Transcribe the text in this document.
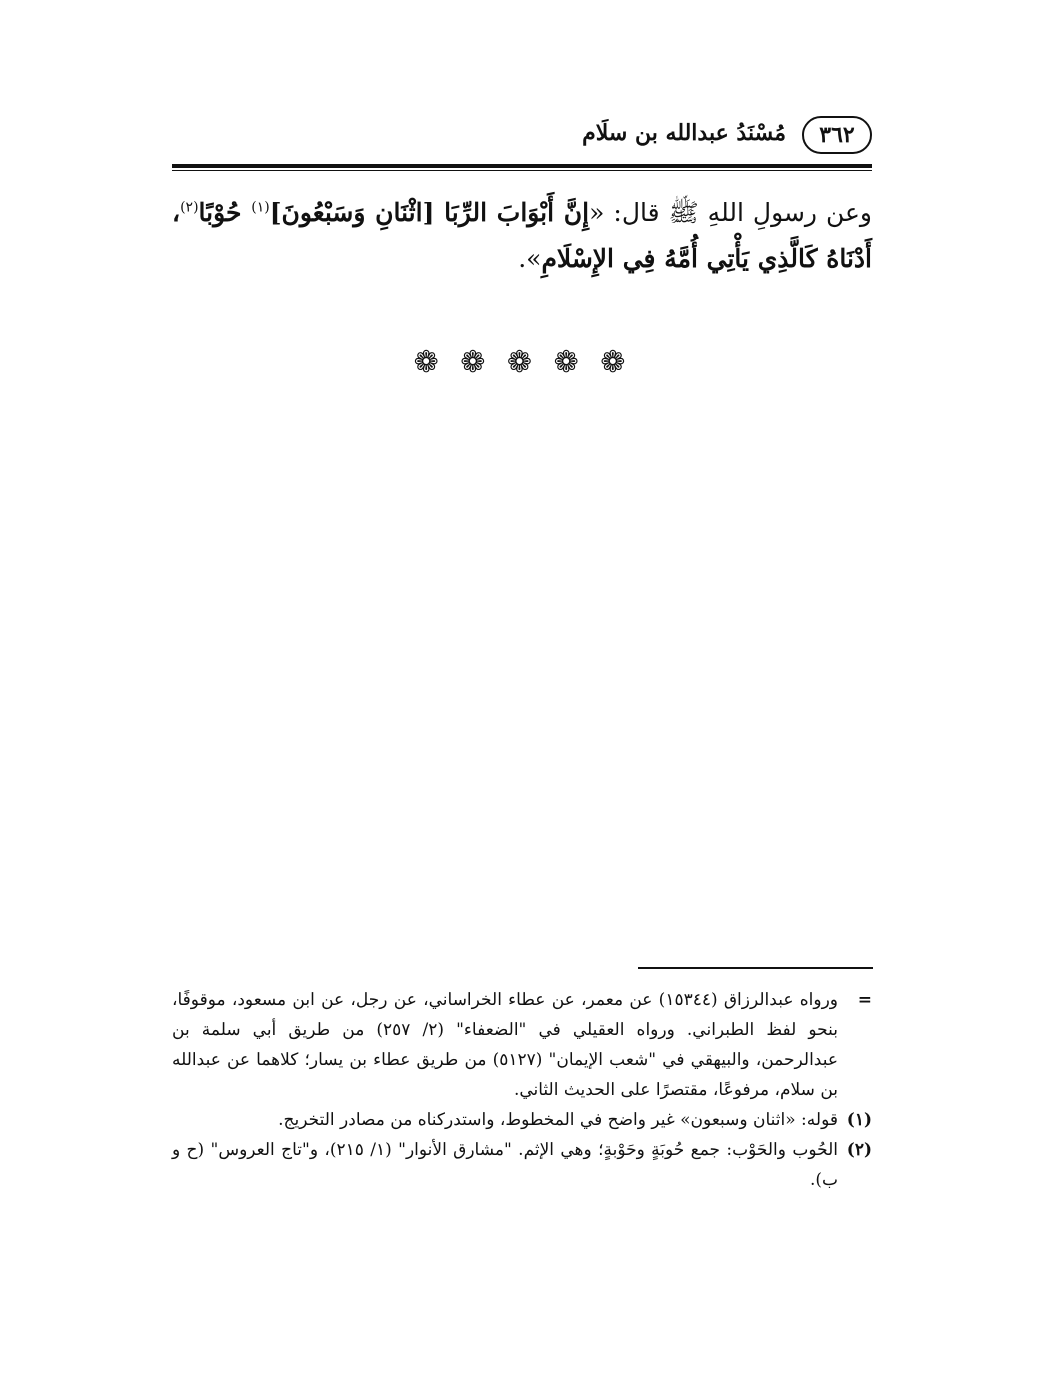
٣٦٢
مُسْنَدُ عبدالله بن سلَام
وعن رسولِ اللهِ ﷺ قال: «إِنَّ أَبْوَابَ الرِّبَا [اثْنَانِ وَسَبْعُونَ]$^{(١)}$ حُوْبًا$^{(٢)}$، أَدْنَاهُ كَالَّذِي يَأْتِي أُمَّهُ فِي الإِسْلَامِ».
❁ ❁ ❁ ❁ ❁
=
ورواه عبدالرزاق (١٥٣٤٤) عن معمر، عن عطاء الخراساني، عن رجل، عن ابن مسعود، موقوفًا، بنحو لفظ الطبراني. ورواه العقيلي في "الضعفاء" (٢/ ٢٥٧) من طريق أبي سلمة بن عبدالرحمن، والبيهقي في "شعب الإيمان" (٥١٢٧) من طريق عطاء بن يسار؛ كلاهما عن عبدالله بن سلام، مرفوعًا، مقتصرًا على الحديث الثاني.
(١)
قوله: «اثنان وسبعون» غير واضح في المخطوط، واستدركناه من مصادر التخريج.
(٢)
الحُوب والحَوْب: جمع حُوبَةٍ وحَوْبةٍ؛ وهي الإثم. "مشارق الأنوار" (١/ ٢١٥)، و"تاج العروس" (ح و ب).
